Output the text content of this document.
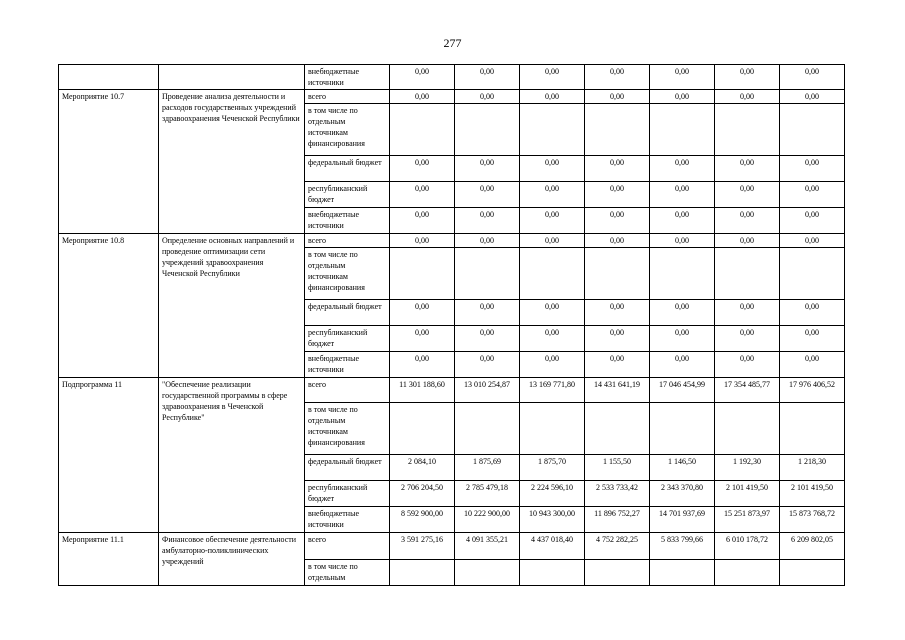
277
		внебюджетные источники	0,00	0,00	0,00	0,00	0,00	0,00	0,00
Мероприятие 10.7	Проведение анализа деятельности и расходов государственных учреждений здравоохранения Чеченской Республики	всего	0,00	0,00	0,00	0,00	0,00	0,00	0,00
		в том числе по отдельным источникам финансирования							
		федеральный бюджет	0,00	0,00	0,00	0,00	0,00	0,00	0,00
		республиканский бюджет	0,00	0,00	0,00	0,00	0,00	0,00	0,00
		внебюджетные источники	0,00	0,00	0,00	0,00	0,00	0,00	0,00
Мероприятие 10.8	Определение основных направлений и проведение оптимизации сети учреждений здравоохранения Чеченской Республики	всего	0,00	0,00	0,00	0,00	0,00	0,00	0,00
		в том числе по отдельным источникам финансирования							
		федеральный бюджет	0,00	0,00	0,00	0,00	0,00	0,00	0,00
		республиканский бюджет	0,00	0,00	0,00	0,00	0,00	0,00	0,00
		внебюджетные источники	0,00	0,00	0,00	0,00	0,00	0,00	0,00
Подпрограмма 11	"Обеспечение реализации государственной программы в сфере здравоохранения в Чеченской Республике"	всего	11 301 188,60	13 010 254,87	13 169 771,80	14 431 641,19	17 046 454,99	17 354 485,77	17 976 406,52
		в том числе по отдельным источникам финансирования							
		федеральный бюджет	2 084,10	1 875,69	1 875,70	1 155,50	1 146,50	1 192,30	1 218,30
		республиканский бюджет	2 706 204,50	2 785 479,18	2 224 596,10	2 533 733,42	2 343 370,80	2 101 419,50	2 101 419,50
		внебюджетные источники	8 592 900,00	10 222 900,00	10 943 300,00	11 896 752,27	14 701 937,69	15 251 873,97	15 873 768,72
Мероприятие 11.1	Финансовое обеспечение деятельности амбулаторно-поликлинических учреждений	всего	3 591 275,16	4 091 355,21	4 437 018,40	4 752 282,25	5 833 799,66	6 010 178,72	6 209 802,05
		в том числе по отдельным							
